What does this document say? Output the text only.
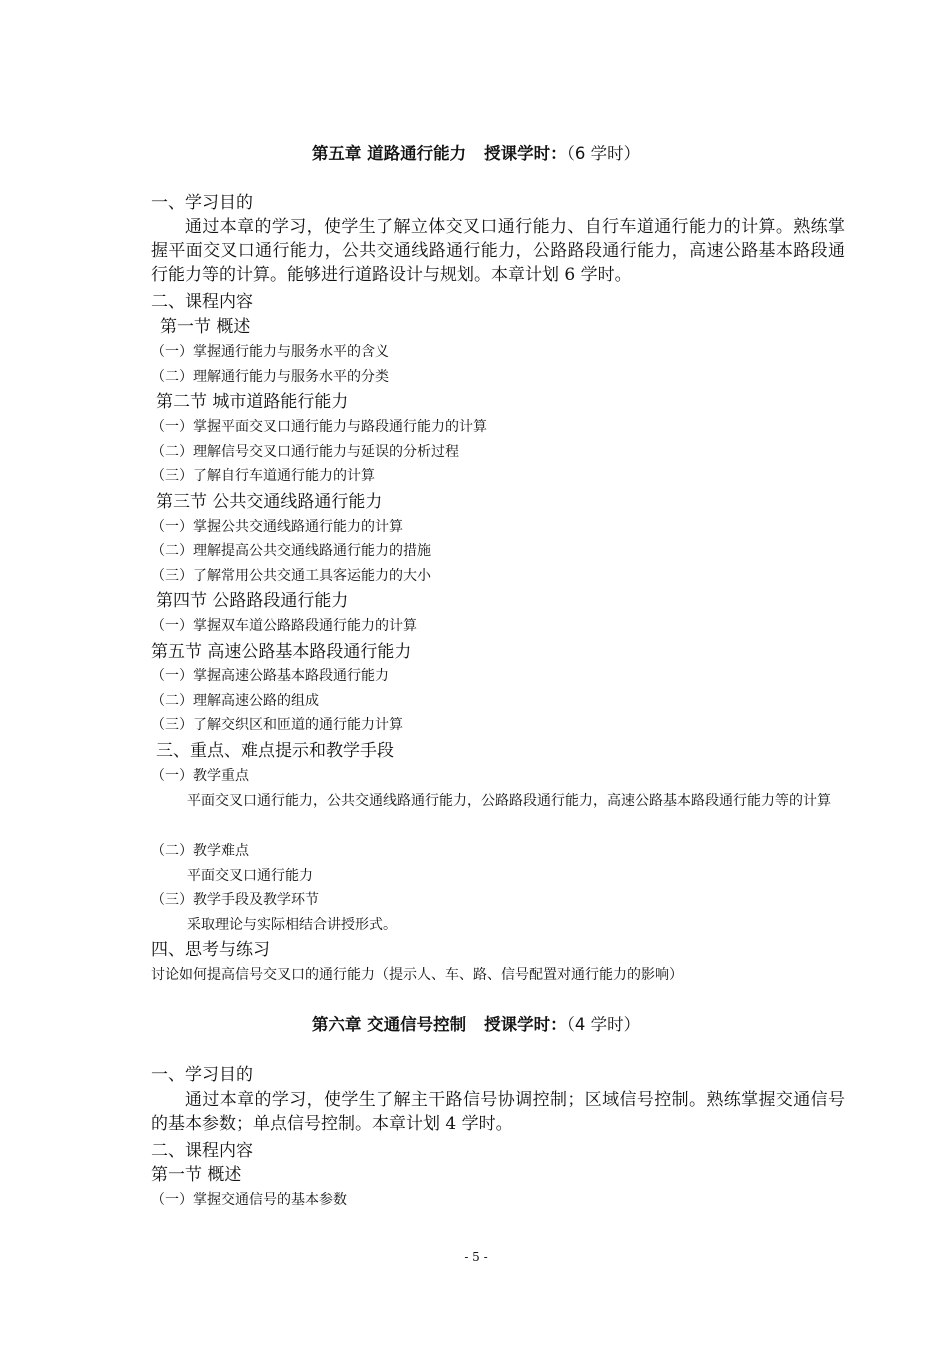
第五章 道路通行能力 授课学时：（6 学时）
一、学习目的
通过本章的学习，使学生了解立体交叉口通行能力、自行车道通行能力的计算。熟练掌握平面交叉口通行能力，公共交通线路通行能力，公路路段通行能力，高速公路基本路段通行能力等的计算。能够进行道路设计与规划。本章计划 6 学时。
二、课程内容
第一节 概述
（一）掌握通行能力与服务水平的含义
（二）理解通行能力与服务水平的分类
第二节 城市道路能行能力
（一）掌握平面交叉口通行能力与路段通行能力的计算
（二）理解信号交叉口通行能力与延误的分析过程
（三）了解自行车道通行能力的计算
第三节 公共交通线路通行能力
（一）掌握公共交通线路通行能力的计算
（二）理解提高公共交通线路通行能力的措施
（三）了解常用公共交通工具客运能力的大小
第四节 公路路段通行能力
（一）掌握双车道公路路段通行能力的计算
第五节 高速公路基本路段通行能力
（一）掌握高速公路基本路段通行能力
（二）理解高速公路的组成
（三）了解交织区和匝道的通行能力计算
三、重点、难点提示和教学手段
（一）教学重点
平面交叉口通行能力，公共交通线路通行能力，公路路段通行能力，高速公路基本路段通行能力等的计算
（二）教学难点
平面交叉口通行能力
（三）教学手段及教学环节
采取理论与实际相结合讲授形式。
四、思考与练习
讨论如何提高信号交叉口的通行能力（提示人、车、路、信号配置对通行能力的影响）
第六章 交通信号控制 授课学时：（4 学时）
一、学习目的
通过本章的学习，使学生了解主干路信号协调控制；区域信号控制。熟练掌握交通信号的基本参数；单点信号控制。本章计划 4 学时。
二、课程内容
第一节 概述
（一）掌握交通信号的基本参数
- 5 -
